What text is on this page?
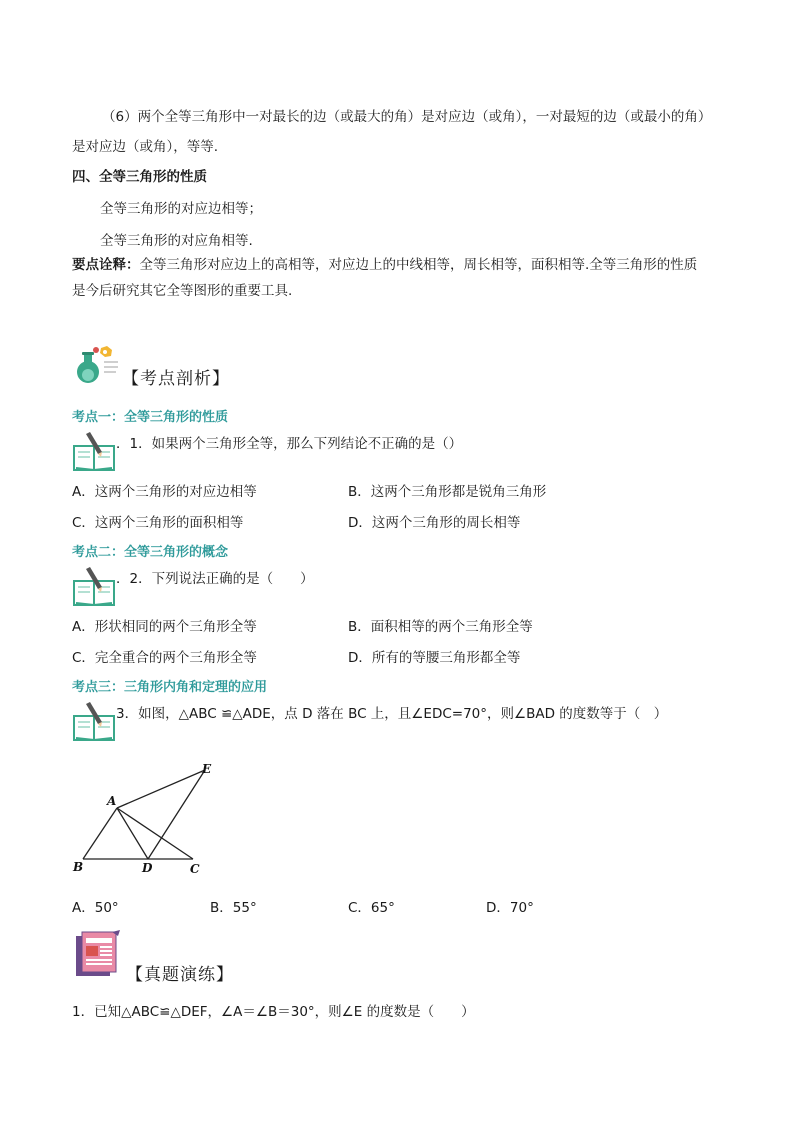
（6）两个全等三角形中一对最长的边（或最大的角）是对应边（或角），一对最短的边（或最小的角）
是对应边（或角），等等.
四、全等三角形的性质
全等三角形的对应边相等；
全等三角形的对应角相等.
要点诠释：全等三角形对应边上的高相等，对应边上的中线相等，周长相等，面积相等.全等三角形的性质
是今后研究其它全等图形的重要工具.
【考点剖析】
考点一：全等三角形的性质
．1．如果两个三角形全等，那么下列结论不正确的是（）
A．这两个三角形的对应边相等	B．这两个三角形都是锐角三角形
C．这两个三角形的面积相等	D．这两个三角形的周长相等
考点二：全等三角形的概念
．2．下列说法正确的是（　　）
A．形状相同的两个三角形全等	B．面积相等的两个三角形全等
C．完全重合的两个三角形全等	D．所有的等腰三角形都全等
考点三：三角形内角和定理的应用
3．如图，△ABC ≌△ADE，点 D 落在 BC 上，且∠EDC=70°，则∠BAD 的度数等于（　）
A
B	C
D
E
A．50°	B．55°	C．65°	D．70°
【真题演练】
1．已知△ABC≌△DEF，∠A＝∠B＝30°，则∠E 的度数是（　　）
